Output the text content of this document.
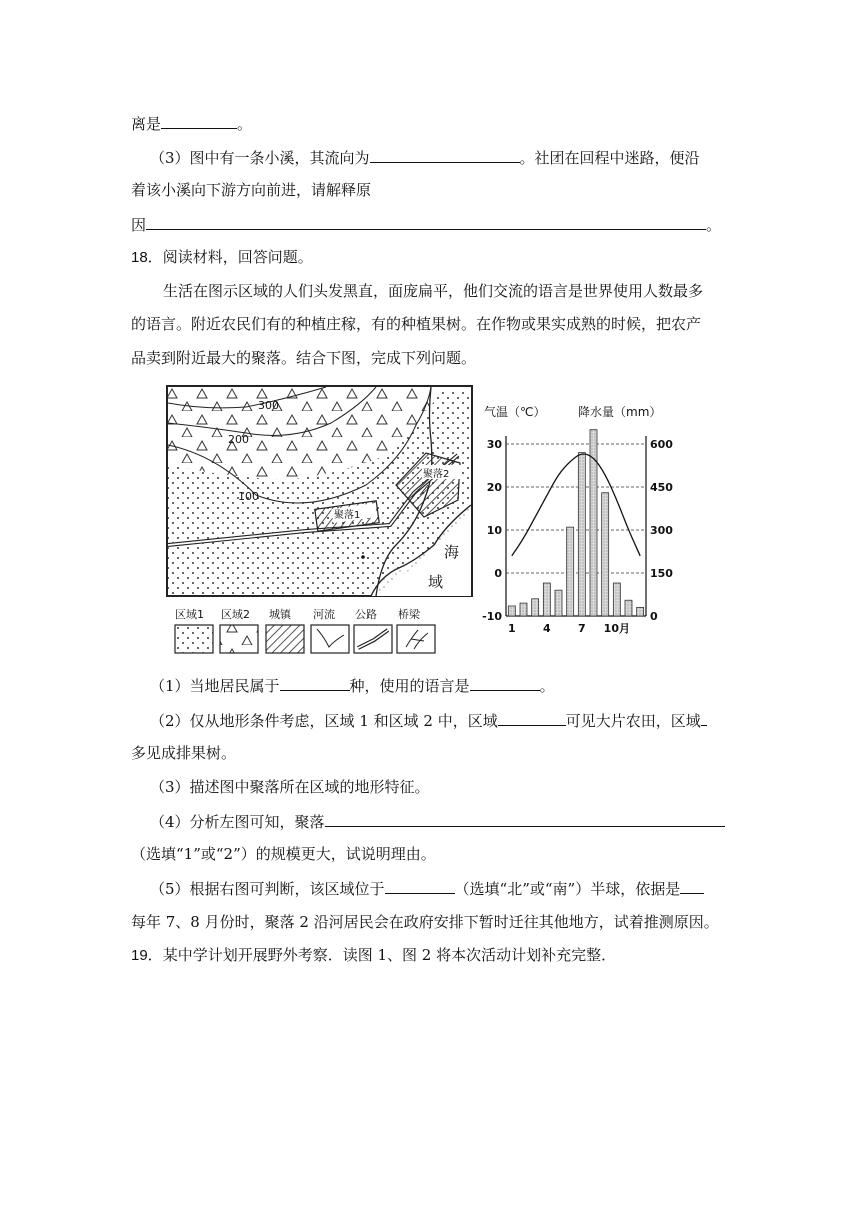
离是	。
（3）图中有一条小溪，其流向为	。社团在回程中迷路，便沿
着该小溪向下游方向前进，请解释原
因	。
18．阅读材料，回答问题。
生活在图示区域的人们头发黑直，面庞扁平，他们交流的语言是世界使用人数最多
的语言。附近农民们有的种植庄稼，有的种植果树。在作物或果实成熟的时候，把农产
品卖到附近最大的聚落。结合下图，完成下列问题。
300
200
100
聚落1
聚落2
海
域
区域1 区域2 城镇 河流 公路 桥梁
气温（℃）	降水量（mm）
30
20
10
0
-10
600
450
300
150
0
1 4 7 10月
（1）当地居民属于	种，使用的语言是	。
（2）仅从地形条件考虑，区域 1 和区域 2 中，区域	可见大片农田，区域
多见成排果树。
（3）描述图中聚落所在区域的地形特征。
（4）分析左图可知，聚落
（选填“1”或“2”）的规模更大，试说明理由。
（5）根据右图可判断，该区域位于	（选填“北”或“南”）半球，依据是
每年 7、8 月份时，聚落 2 沿河居民会在政府安排下暂时迁往其他地方，试着推测原因。
19．某中学计划开展野外考察．读图 1、图 2 将本次活动计划补充完整．
